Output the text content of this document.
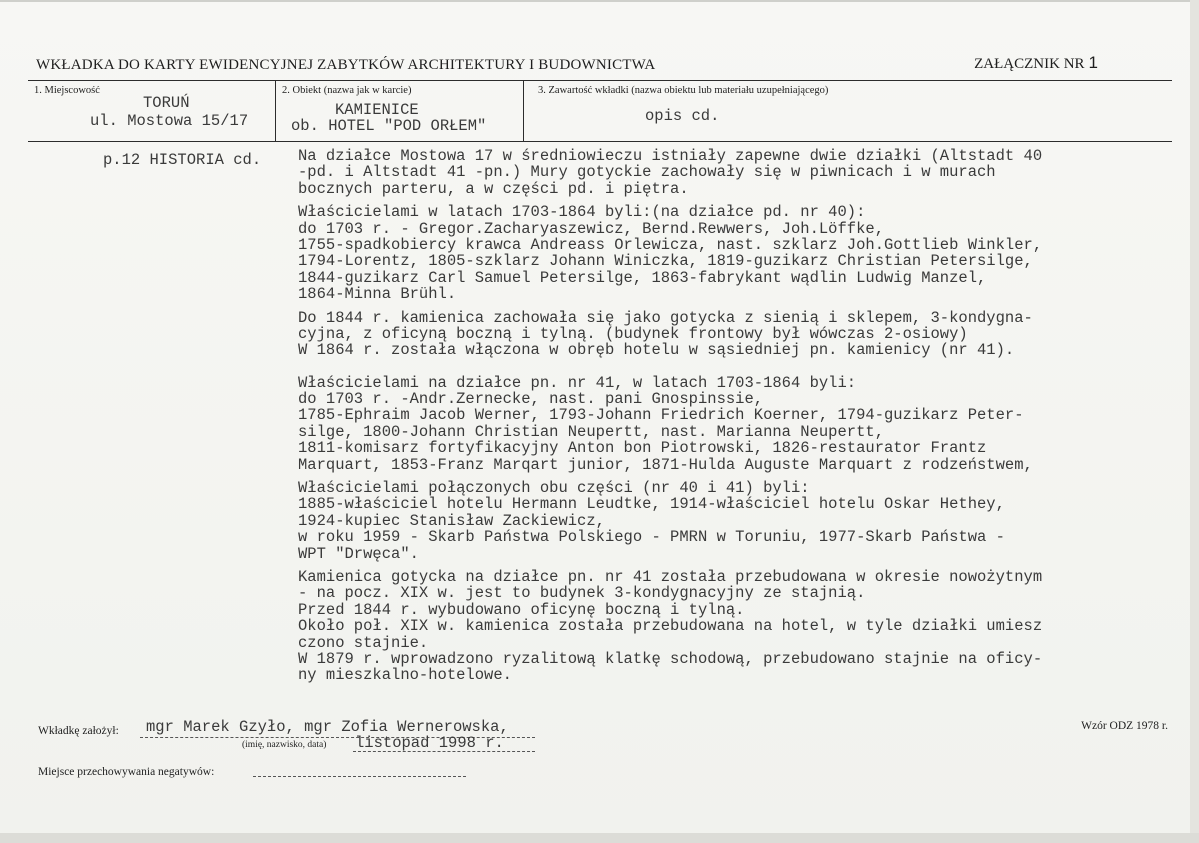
WKŁADKA DO KARTY EWIDENCYJNEJ ZABYTKÓW ARCHITEKTURY I BUDOWNICTWA	ZAŁĄCZNIK NR 1
1. Miejscowość
TORUŃ
ul. Mostowa 15/17
2. Obiekt (nazwa jak w karcie)
KAMIENICE
ob. HOTEL "POD ORŁEM"
3. Zawartość wkładki (nazwa obiektu lub materiału uzupełniającego)
opis cd.
p.12 HISTORIA cd. Na działce Mostowa 17 w średniowieczu istniały zapewne dwie działki (Altstadt 40
-pd. i Altstadt 41 -pn.) Mury gotyckie zachowały się w piwnicach i w murach
bocznych parteru, a w części pd. i piętra.
Właścicielami w latach 1703-1864 byli:(na działce pd. nr 40):
do 1703 r. - Gregor.Zacharyaszewicz, Bernd.Rewwers, Joh.Löffke,
1755-spadkobiercy krawca Andreass Orlewicza, nast. szklarz Joh.Gottlieb Winkler,
1794-Lorentz, 1805-szklarz Johann Winiczka, 1819-guzikarz Christian Petersilge,
1844-guzikarz Carl Samuel Petersilge, 1863-fabrykant wądlin Ludwig Manzel,
1864-Minna Brühl.
Do 1844 r. kamienica zachowała się jako gotycka z sienią i sklepem, 3-kondygna-
cyjna, z oficyną boczną i tylną. (budynek frontowy był wówczas 2-osiowy)
W 1864 r. została włączona w obręb hotelu w sąsiedniej pn. kamienicy (nr 41).
Właścicielami na działce pn. nr 41, w latach 1703-1864 byli:
do 1703 r. -Andr.Zernecke, nast. pani Gnospinssie,
1785-Ephraim Jacob Werner, 1793-Johann Friedrich Koerner, 1794-guzikarz Peter-
silge, 1800-Johann Christian Neupertt, nast. Marianna Neupertt,
1811-komisarz fortyfikacyjny Anton bon Piotrowski, 1826-restaurator Frantz
Marquart, 1853-Franz Marqart junior, 1871-Hulda Auguste Marquart z rodzeństwem,
Właścicielami połączonych obu części (nr 40 i 41) byli:
1885-właściciel hotelu Hermann Leudtke, 1914-właściciel hotelu Oskar Hethey,
1924-kupiec Stanisław Zackiewicz,
w roku 1959 - Skarb Państwa Polskiego - PMRN w Toruniu, 1977-Skarb Państwa -
WPT "Drwęca".
Kamienica gotycka na działce pn. nr 41 została przebudowana w okresie nowożytnym
- na pocz. XIX w. jest to budynek 3-kondygnacyjny ze stajnią.
Przed 1844 r. wybudowano oficynę boczną i tylną.
Około poł. XIX w. kamienica została przebudowana na hotel, w tyle działki umiesz
czono stajnie.
W 1879 r. wprowadzono ryzalitową klatkę schodową, przebudowano stajnie na oficy-
ny mieszkalno-hotelowe.
Wkładkę założył: mgr Marek Gzyło, mgr Zofia Wernerowska,
(imię, nazwisko, data) listopad 1998 r.
Wzór ODZ 1978 r.
Miejsce przechowywania negatywów:
